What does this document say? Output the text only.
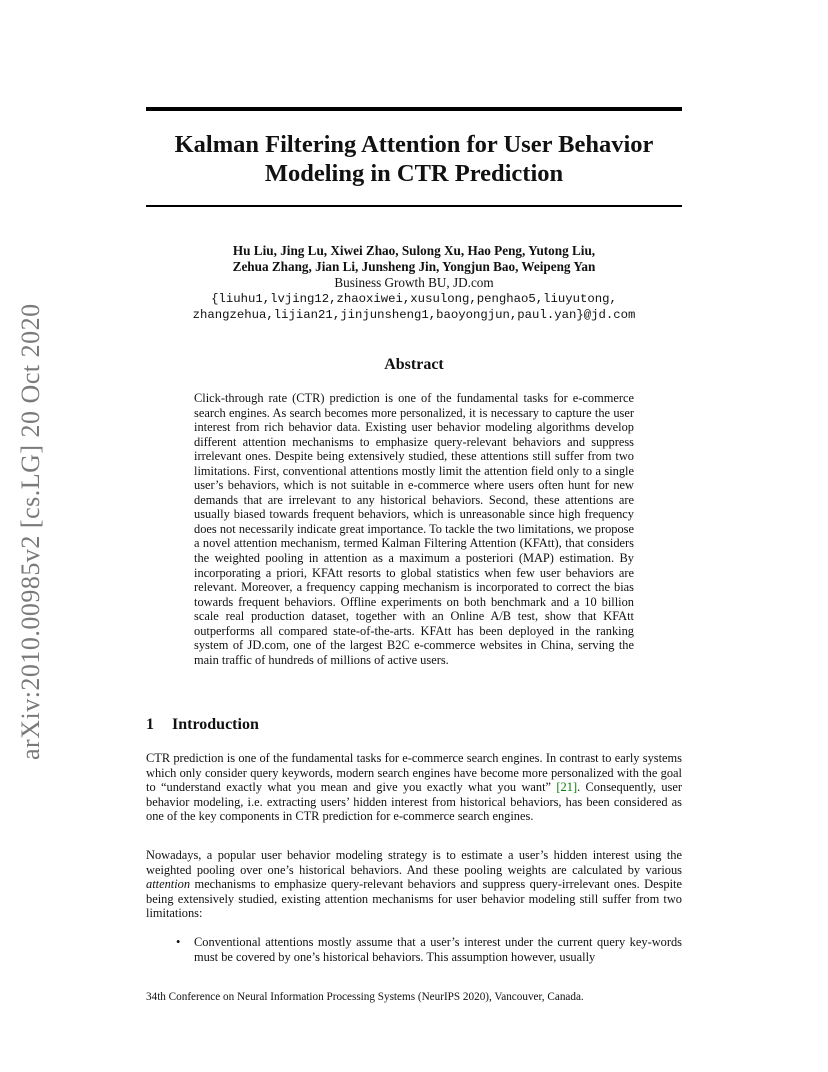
arXiv:2010.00985v2 [cs.LG] 20 Oct 2020
Kalman Filtering Attention for User Behavior
Modeling in CTR Prediction
Hu Liu, Jing Lu, Xiwei Zhao, Sulong Xu, Hao Peng, Yutong Liu,
Zehua Zhang, Jian Li, Junsheng Jin, Yongjun Bao, Weipeng Yan
Business Growth BU, JD.com
{liuhu1,lvjing12,zhaoxiwei,xusulong,penghao5,liuyutong,
zhangzehua,lijian21,jinjunsheng1,baoyongjun,paul.yan}@jd.com
Abstract
Click-through rate (CTR) prediction is one of the fundamental tasks for e-commerce search engines. As search becomes more personalized, it is necessary to capture the user interest from rich behavior data. Existing user behavior modeling algorithms develop different attention mechanisms to emphasize query-relevant behaviors and suppress irrelevant ones. Despite being extensively studied, these attentions still suffer from two limitations. First, conventional attentions mostly limit the attention field only to a single user’s behaviors, which is not suitable in e-commerce where users often hunt for new demands that are irrelevant to any historical behaviors. Second, these attentions are usually biased towards frequent behaviors, which is unreasonable since high frequency does not necessarily indicate great importance. To tackle the two limitations, we propose a novel attention mechanism, termed Kalman Filtering Attention (KFAtt), that considers the weighted pooling in attention as a maximum a posteriori (MAP) estimation. By incorporating a priori, KFAtt resorts to global statistics when few user behaviors are relevant. Moreover, a frequency capping mechanism is incorporated to correct the bias towards frequent behaviors. Offline experiments on both benchmark and a 10 billion scale real production dataset, together with an Online A/B test, show that KFAtt outperforms all compared state-of-the-arts. KFAtt has been deployed in the ranking system of JD.com, one of the largest B2C e-commerce websites in China, serving the main traffic of hundreds of millions of active users.
1 Introduction
CTR prediction is one of the fundamental tasks for e-commerce search engines. In contrast to early systems which only consider query keywords, modern search engines have become more personalized with the goal to “understand exactly what you mean and give you exactly what you want” [21]. Consequently, user behavior modeling, i.e. extracting users’ hidden interest from historical behaviors, has been considered as one of the key components in CTR prediction for e-commerce search engines.
Nowadays, a popular user behavior modeling strategy is to estimate a user’s hidden interest using the weighted pooling over one’s historical behaviors. And these pooling weights are calculated by various attention mechanisms to emphasize query-relevant behaviors and suppress query-irrelevant ones. Despite being extensively studied, existing attention mechanisms for user behavior modeling still suffer from two limitations:
• Conventional attentions mostly assume that a user’s interest under the current query key-words must be covered by one’s historical behaviors. This assumption however, usually
34th Conference on Neural Information Processing Systems (NeurIPS 2020), Vancouver, Canada.
